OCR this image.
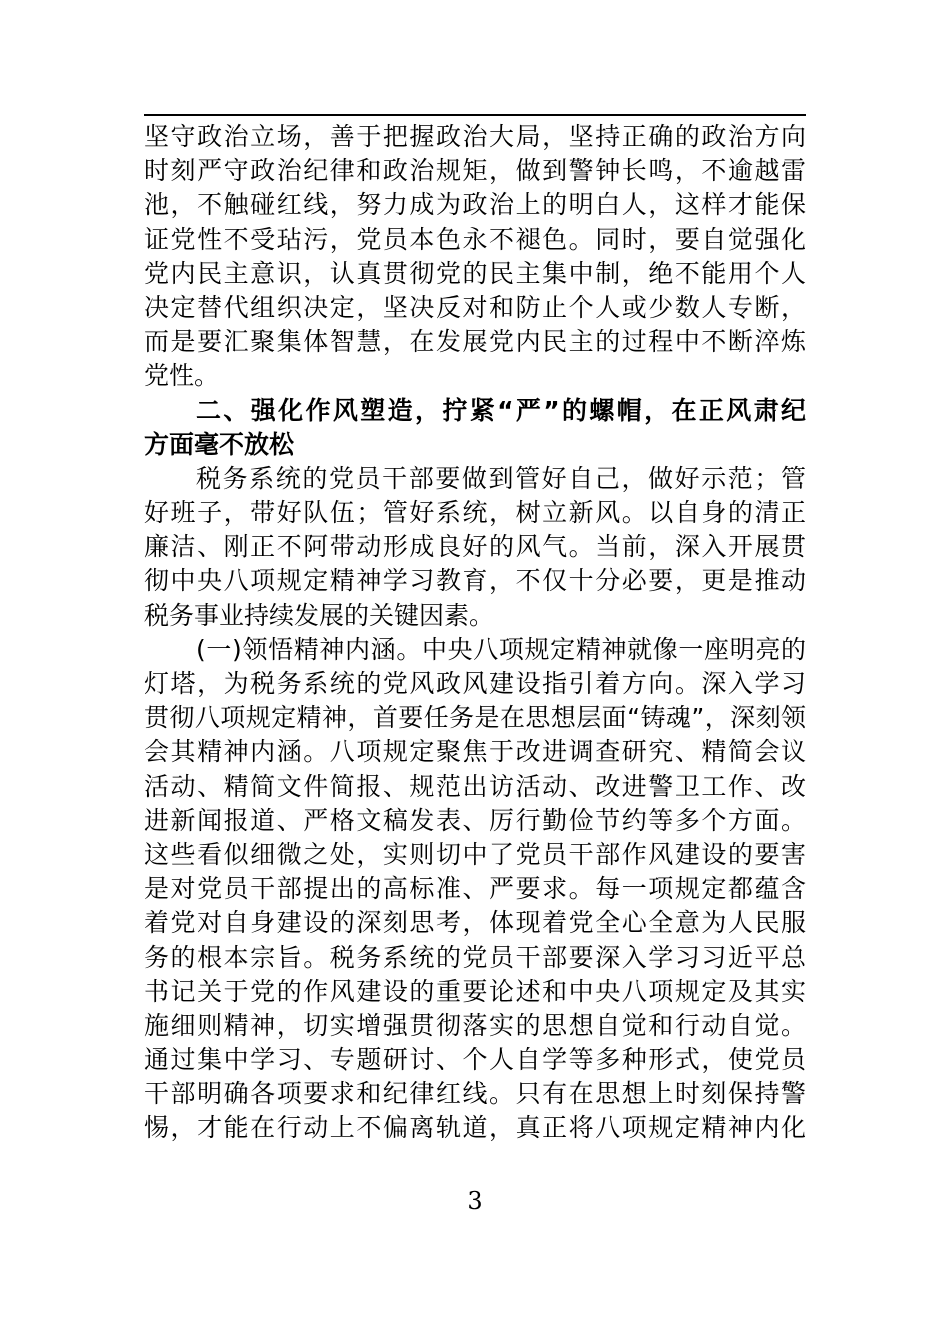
坚守政治立场，善于把握政治大局，坚持正确的政治方向
时刻严守政治纪律和政治规矩，做到警钟长鸣，不逾越雷
池，不触碰红线，努力成为政治上的明白人，这样才能保
证党性不受玷污，党员本色永不褪色。同时，要自觉强化
党内民主意识，认真贯彻党的民主集中制，绝不能用个人
决定替代组织决定，坚决反对和防止个人或少数人专断，
而是要汇聚集体智慧，在发展党内民主的过程中不断淬炼
党性。
二、强化作风塑造，拧紧“严”的螺帽，在正风肃纪
方面毫不放松
税务系统的党员干部要做到管好自己，做好示范；管
好班子，带好队伍；管好系统，树立新风。以自身的清正
廉洁、刚正不阿带动形成良好的风气。当前，深入开展贯
彻中央八项规定精神学习教育，不仅十分必要，更是推动
税务事业持续发展的关键因素。
(一)领悟精神内涵。中央八项规定精神就像一座明亮的
灯塔，为税务系统的党风政风建设指引着方向。深入学习
贯彻八项规定精神，首要任务是在思想层面“铸魂”，深刻领
会其精神内涵。八项规定聚焦于改进调查研究、精简会议
活动、精简文件简报、规范出访活动、改进警卫工作、改
进新闻报道、严格文稿发表、厉行勤俭节约等多个方面。
这些看似细微之处，实则切中了党员干部作风建设的要害
是对党员干部提出的高标准、严要求。每一项规定都蕴含
着党对自身建设的深刻思考，体现着党全心全意为人民服
务的根本宗旨。税务系统的党员干部要深入学习习近平总
书记关于党的作风建设的重要论述和中央八项规定及其实
施细则精神，切实增强贯彻落实的思想自觉和行动自觉。
通过集中学习、专题研讨、个人自学等多种形式，使党员
干部明确各项要求和纪律红线。只有在思想上时刻保持警
惕，才能在行动上不偏离轨道，真正将八项规定精神内化
3
